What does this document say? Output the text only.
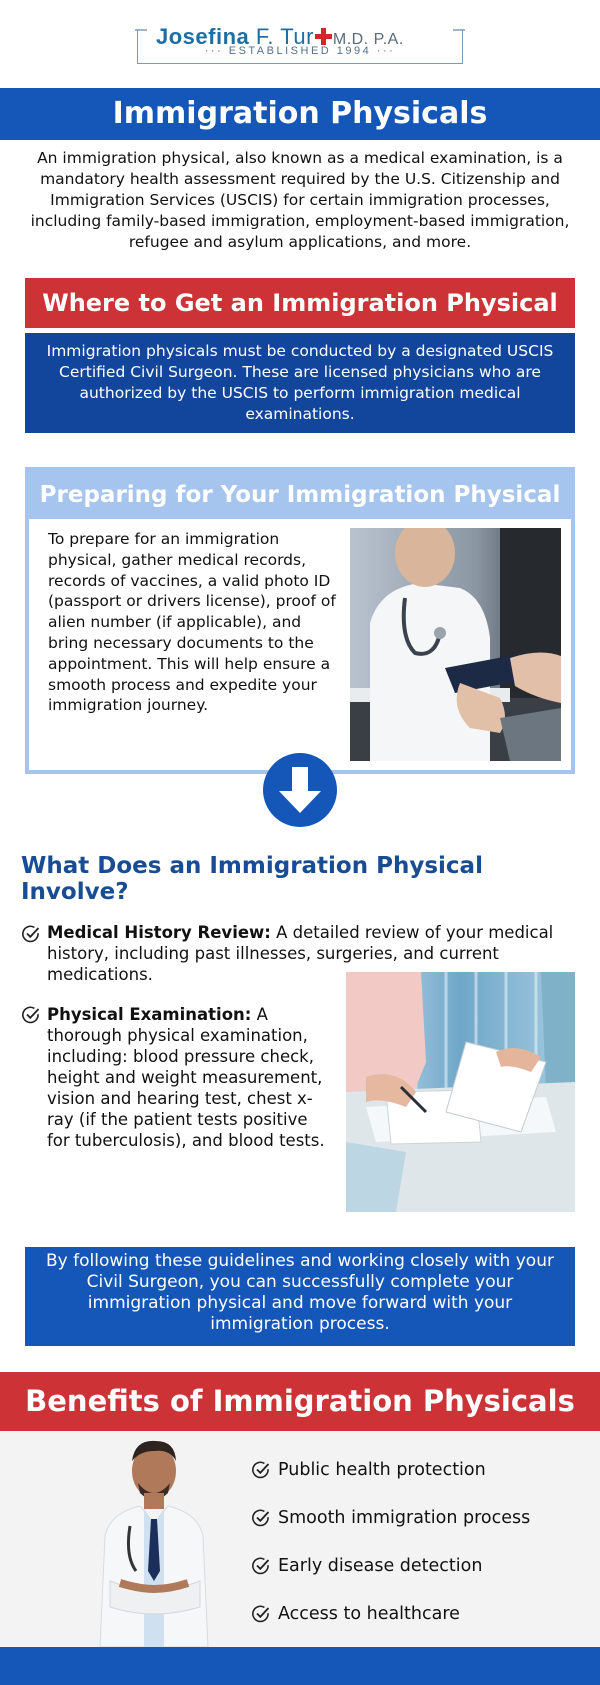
Josefina F. Tur M.D. P.A.
··· ESTABLISHED 1994 ···
Immigration Physicals
An immigration physical, also known as a medical examination, is a mandatory health assessment required by the U.S. Citizenship and Immigration Services (USCIS) for certain immigration processes, including family-based immigration, employment-based immigration, refugee and asylum applications, and more.
Where to Get an Immigration Physical
Immigration physicals must be conducted by a designated USCIS Certified Civil Surgeon. These are licensed physicians who are authorized by the USCIS to perform immigration medical examinations.
Preparing for Your Immigration Physical
To prepare for an immigration physical, gather medical records, records of vaccines, a valid photo ID (passport or drivers license), proof of alien number (if applicable), and bring necessary documents to the appointment. This will help ensure a smooth process and expedite your immigration journey.
What Does an Immigration Physical Involve?
Medical History Review: A detailed review of your medical history, including past illnesses, surgeries, and current medications.
Physical Examination: A thorough physical examination, including: blood pressure check, height and weight measurement, vision and hearing test, chest x-ray (if the patient tests positive for tuberculosis), and blood tests.
By following these guidelines and working closely with your Civil Surgeon, you can successfully complete your immigration physical and move forward with your immigration process.
Benefits of Immigration Physicals
Public health protection
Smooth immigration process
Early disease detection
Access to healthcare
